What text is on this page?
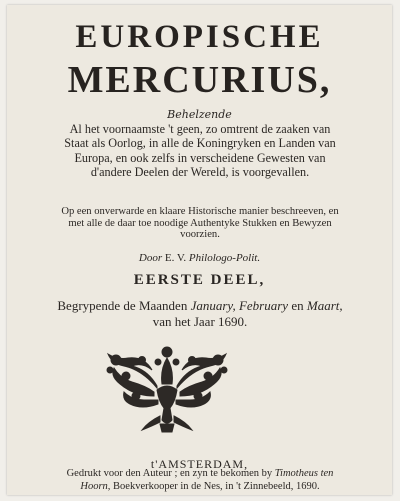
EUROPISCHE
MERCURIUS,
Behelzende
Al het voornaamste 't geen, zo omtrent de zaaken van
Staat als Oorlog, in alle de Koningryken en Landen van
Europa, en ook zelfs in verscheidene Gewesten van
d'andere Deelen der Wereld, is voorgevallen.
Op een onverwarde en klaare Historische manier beschreeven, en
met alle de daar toe noodige Authentyke Stukken en Bewyzen
voorzien.
Door E. V. Philologo-Polit.
EERSTE DEEL,
Begrypende de Maanden January, February en Maart,
van het Jaar 1690.
t'AMSTERDAM,
Gedrukt voor den Auteur ; en zyn te bekomen by Timotheus ten
Hoorn, Boekverkooper in de Nes, in 't Zinnebeeld, 1690.
